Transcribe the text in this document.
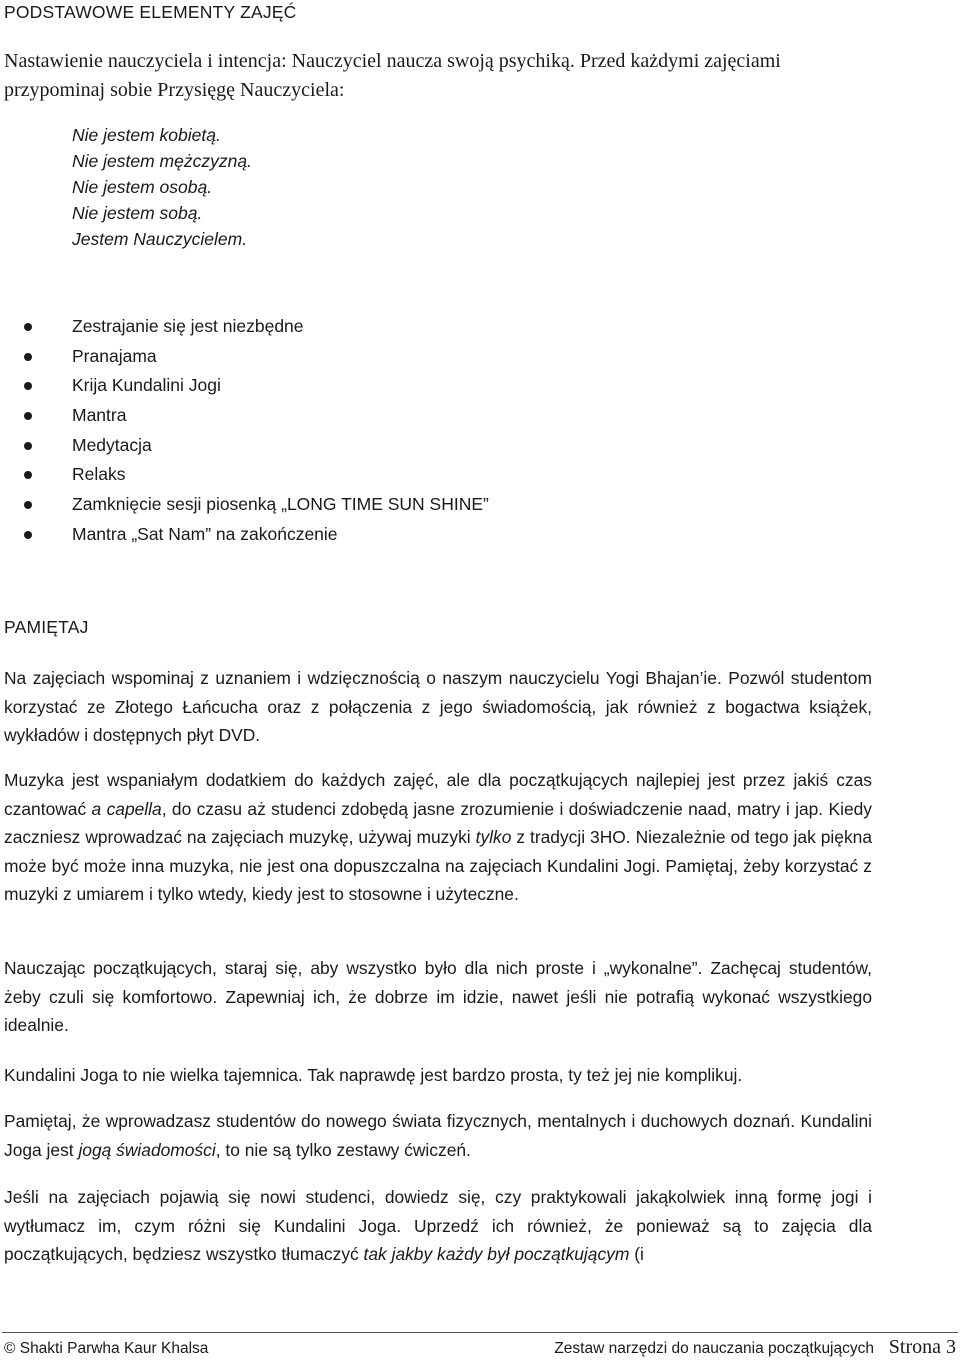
PODSTAWOWE ELEMENTY ZAJĘĆ
Nastawienie nauczyciela i intencja: Nauczyciel naucza swoją psychiką. Przed każdymi zajęciami przypominaj sobie Przysięgę Nauczyciela:
Nie jestem kobietą.
Nie jestem mężczyzną.
Nie jestem osobą.
Nie jestem sobą.
Jestem Nauczycielem.
Zestrajanie się jest niezbędne
Pranajama
Krija Kundalini Jogi
Mantra
Medytacja
Relaks
Zamknięcie sesji piosenką „LONG TIME SUN SHINE”
Mantra „Sat Nam” na zakończenie
PAMIĘTAJ
Na zajęciach wspominaj z uznaniem i wdzięcznością o naszym nauczycielu Yogi Bhajan’ie. Pozwól studentom korzystać ze Złotego Łańcucha oraz z połączenia z jego świadomością, jak również z bogactwa książek, wykładów i dostępnych płyt DVD.
Muzyka jest wspaniałym dodatkiem do każdych zajęć, ale dla początkujących najlepiej jest przez jakiś czas czantować a capella, do czasu aż studenci zdobędą jasne zrozumienie i doświadczenie naad, matry i jap. Kiedy zaczniesz wprowadzać na zajęciach muzykę, używaj muzyki tylko z tradycji 3HO. Niezależnie od tego jak piękna może być może inna muzyka, nie jest ona dopuszczalna na zajęciach Kundalini Jogi. Pamiętaj, żeby korzystać z muzyki z umiarem i tylko wtedy, kiedy jest to stosowne i użyteczne.
Nauczając początkujących, staraj się, aby wszystko było dla nich proste i „wykonalne”. Zachęcaj studentów, żeby czuli się komfortowo. Zapewniaj ich, że dobrze im idzie, nawet jeśli nie potrafią wykonać wszystkiego idealnie.
Kundalini Joga to nie wielka tajemnica. Tak naprawdę jest bardzo prosta, ty też jej nie komplikuj.
Pamiętaj, że wprowadzasz studentów do nowego świata fizycznych, mentalnych i duchowych doznań. Kundalini Joga jest jogą świadomości, to nie są tylko zestawy ćwiczeń.
Jeśli na zajęciach pojawią się nowi studenci, dowiedz się, czy praktykowali jakąkolwiek inną formę jogi i wytłumacz im, czym różni się Kundalini Joga. Uprzedź ich również, że ponieważ są to zajęcia dla początkujących, będziesz wszystko tłumaczyć tak jakby każdy był początkującym (i
© Shakti Parwha Kaur Khalsa	Zestaw narzędzi do nauczania początkujących Strona 3
